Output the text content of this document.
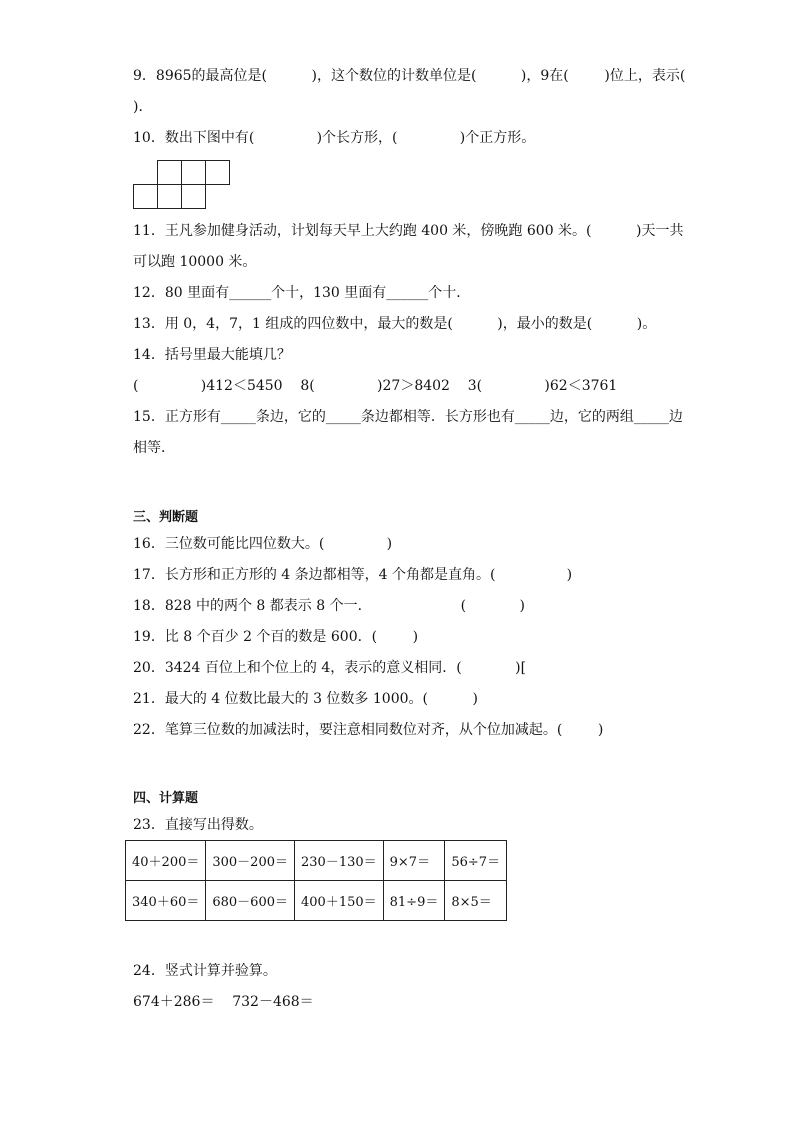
9．8965的最高位是(          )，这个数位的计数单位是(          )，9在(        )位上，表示(
)．
10．数出下图中有(              )个长方形，(              )个正方形。
11．王凡参加健身活动，计划每天早上大约跑 400 米，傍晚跑 600 米。(          )天一共
可以跑 10000 米。
12．80 里面有______个十，130 里面有______个十．
13．用 0，4，7，1 组成的四位数中，最大的数是(          )，最小的数是(          )。
14．括号里最大能填几？
(              )412＜5450    8(              )27＞8402    3(              )62＜3761
15．正方形有_____条边，它的_____条边都相等．长方形也有_____边，它的两组_____边
相等．
三、判断题
16．三位数可能比四位数大。(              )
17．长方形和正方形的 4 条边都相等，4 个角都是直角。(                )
18．828 中的两个 8 都表示 8 个一．                    (            )
19．比 8 个百少 2 个百的数是 600．(        )
20．3424 百位上和个位上的 4，表示的意义相同．(            )[
21．最大的 4 位数比最大的 3 位数多 1000。(          )
22．笔算三位数的加减法时，要注意相同数位对齐，从个位加减起。(        )
四、计算题
23．直接写出得数。
40＋200＝	300－200＝	230－130＝	9×7＝	56÷7＝
340＋60＝	680－600＝	400＋150＝	81÷9＝	8×5＝
24．竖式计算并验算。
674＋286＝    732－468＝
